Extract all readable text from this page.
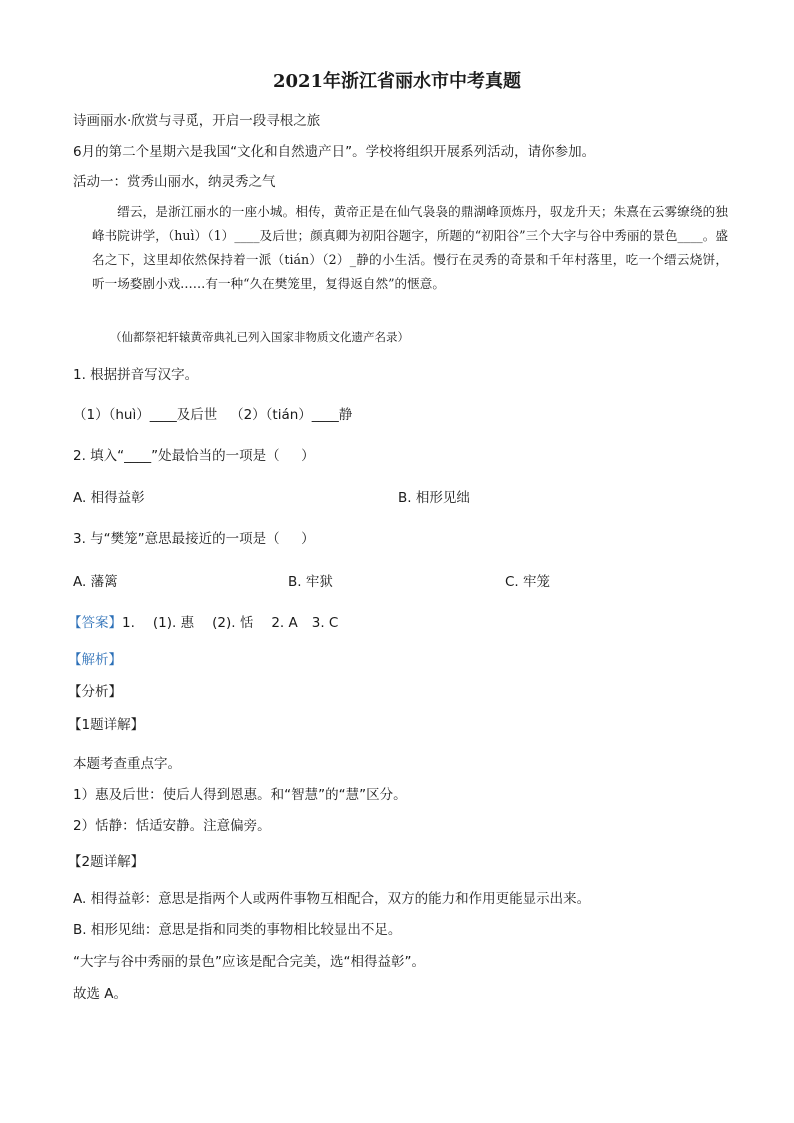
2021年浙江省丽水市中考真题
诗画丽水·欣赏与寻觅，开启一段寻根之旅
6月的第二个星期六是我国“文化和自然遗产日”。学校将组织开展系列活动，请你参加。
活动一：赏秀山丽水，纳灵秀之气
缙云，是浙江丽水的一座小城。相传，黄帝正是在仙气袅袅的鼎湖峰顶炼丹，驭龙升天；朱熹在云雾缭绕的独峰书院讲学，（huì）（1）____及后世；颜真卿为初阳谷题字，所题的“初阳谷”三个大字与谷中秀丽的景色____。盛名之下，这里却依然保持着一派（tián）（2）_静的小生活。慢行在灵秀的奇景和千年村落里，吃一个缙云烧饼，听一场婺剧小戏……有一种“久在樊笼里，复得返自然”的惬意。
（仙都祭祀轩辕黄帝典礼已列入国家非物质文化遗产名录）
1. 根据拼音写汉字。
（1）（huì）____及后世   （2）（tián）____静
2. 填入“____”处最恰当的一项是（     ）
A. 相得益彰	B. 相形见绌
3. 与“樊笼”意思最接近的一项是（     ）
A. 藩篱	B. 牢狱	C. 牢笼
【答案】1. (1). 惠 (2). 恬 2. A 3. C
【解析】
【分析】
【1题详解】
本题考查重点字。
1）惠及后世：使后人得到恩惠。和“智慧”的“慧”区分。
2）恬静：恬适安静。注意偏旁。
【2题详解】
A. 相得益彰：意思是指两个人或两件事物互相配合，双方的能力和作用更能显示出来。
B. 相形见绌：意思是指和同类的事物相比较显出不足。
“大字与谷中秀丽的景色”应该是配合完美，选“相得益彰”。
故选 A。
